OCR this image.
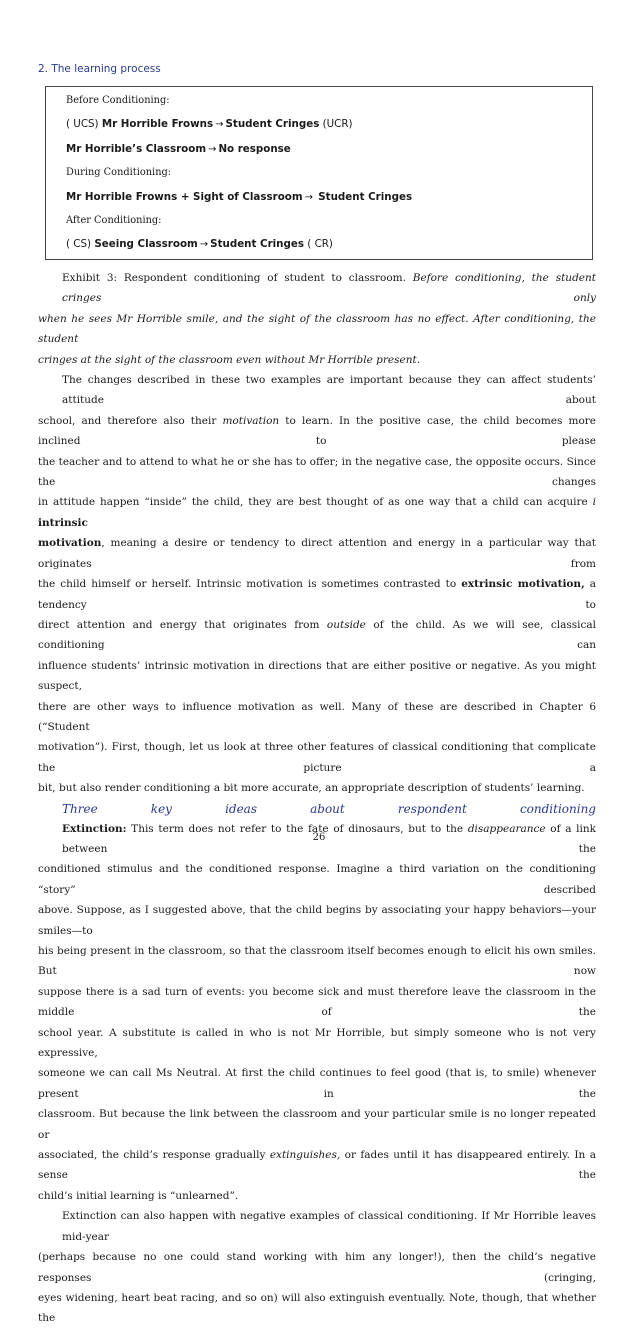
2. The learning process
Before Conditioning:
( UCS) Mr Horrible Frowns → Student Cringes (UCR)
Mr Horrible’s Classroom → No response
During Conditioning:
Mr Horrible Frowns + Sight of Classroom → Student Cringes
After Conditioning:
( CS) Seeing Classroom → Student Cringes ( CR)

Exhibit 3: Respondent conditioning of student to classroom. Before conditioning, the student cringes only

when he sees Mr Horrible smile, and the sight of the classroom has no effect. After conditioning, the student

cringes at the sight of the classroom even without Mr Horrible present.

The changes described in these two examples are important because they can affect students’ attitude about

school, and therefore also their motivation to learn. In the positive case, the child becomes more inclined to please

the teacher and to attend to what he or she has to offer; in the negative case, the opposite occurs. Since the changes

in attitude happen “inside” the child, they are best thought of as one way that a child can acquire i intrinsic

motivation, meaning a desire or tendency to direct attention and energy in a particular way that originates from

the child himself or herself. Intrinsic motivation is sometimes contrasted to extrinsic motivation, a tendency to

direct attention and energy that originates from outside of the child. As we will see, classical conditioning can

influence students’ intrinsic motivation in directions that are either positive or negative. As you might suspect,

there are other ways to influence motivation as well. Many of these are described in Chapter 6 (“Student

motivation”). First, though, let us look at three other features of classical conditioning that complicate the picture a

bit, but also render conditioning a bit more accurate, an appropriate description of students’ learning.

Three key ideas about respondent conditioning

Extinction: This term does not refer to the fate of dinosaurs, but to the disappearance of a link between the

conditioned stimulus and the conditioned response. Imagine a third variation on the conditioning “story” described

above. Suppose, as I suggested above, that the child begins by associating your happy behaviors—your smiles—to

his being present in the classroom, so that the classroom itself becomes enough to elicit his own smiles. But now

suppose there is a sad turn of events: you become sick and must therefore leave the classroom in the middle of the

school year. A substitute is called in who is not Mr Horrible, but simply someone who is not very expressive,

someone we can call Ms Neutral. At first the child continues to feel good (that is, to smile) whenever present in the

classroom. But because the link between the classroom and your particular smile is no longer repeated or

associated, the child’s response gradually extinguishes, or fades until it has disappeared entirely. In a sense the

child’s initial learning is “unlearned”.

Extinction can also happen with negative examples of classical conditioning. If Mr Horrible leaves mid-year

(perhaps because no one could stand working with him any longer!), then the child’s negative responses (cringing,

eyes widening, heart beat racing, and so on) will also extinguish eventually. Note, though, that whether the

26
